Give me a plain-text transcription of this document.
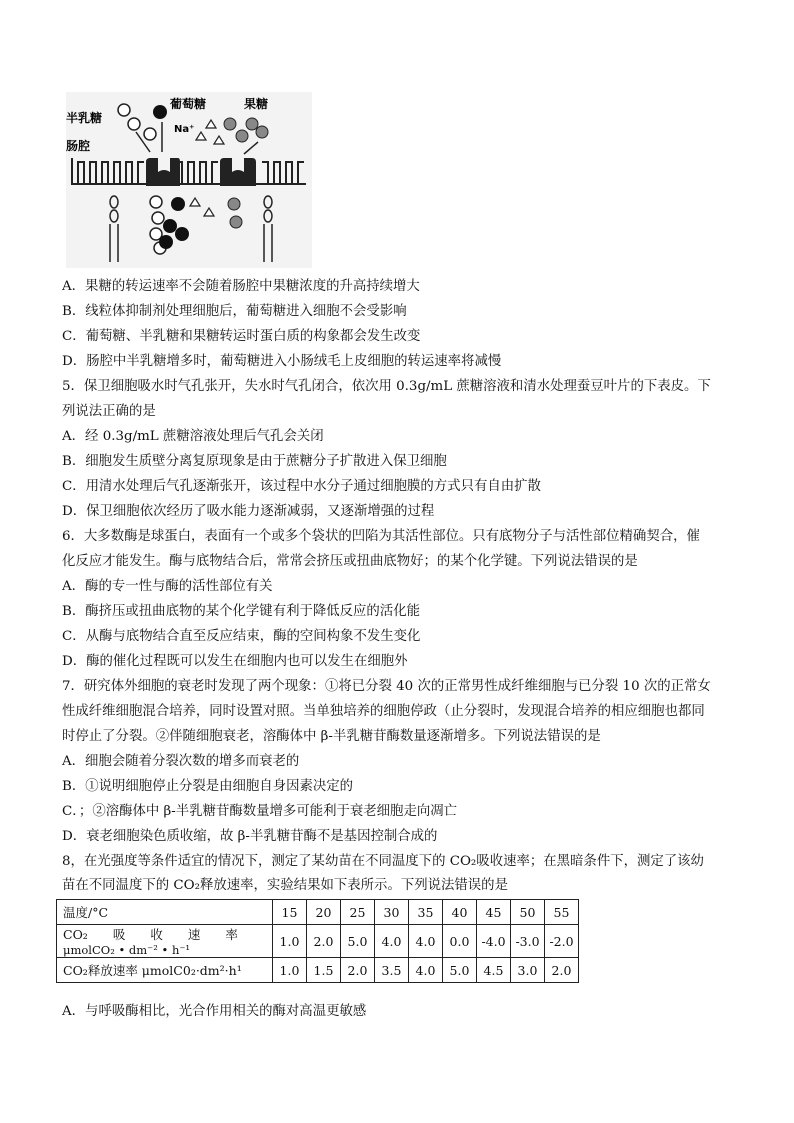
半乳糖
葡萄糖	果糖
Na⁺
肠腔
A．果糖的转运速率不会随着肠腔中果糖浓度的升高持续增大
B．线粒体抑制剂处理细胞后，葡萄糖进入细胞不会受影响
C．葡萄糖、半乳糖和果糖转运时蛋白质的构象都会发生改变
D．肠腔中半乳糖增多时，葡萄糖进入小肠绒毛上皮细胞的转运速率将减慢
5．保卫细胞吸水时气孔张开，失水时气孔闭合，依次用 0.3g/mL 蔗糖溶液和清水处理蚕豆叶片的下表皮。下
列说法正确的是
A．经 0.3g/mL 蔗糖溶液处理后气孔会关闭
B．细胞发生质壁分离复原现象是由于蔗糖分子扩散进入保卫细胞
C．用清水处理后气孔逐渐张开，该过程中水分子通过细胞膜的方式只有自由扩散
D．保卫细胞依次经历了吸水能力逐渐减弱，又逐渐增强的过程
6．大多数酶是球蛋白，表面有一个或多个袋状的凹陷为其活性部位。只有底物分子与活性部位精确契合，催
化反应才能发生。酶与底物结合后，常常会挤压或扭曲底物好；的某个化学键。下列说法错误的是
A．酶的专一性与酶的活性部位有关
B．酶挤压或扭曲底物的某个化学键有利于降低反应的活化能
C．从酶与底物结合直至反应结束，酶的空间构象不发生变化
D．酶的催化过程既可以发生在细胞内也可以发生在细胞外
7．研究体外细胞的衰老时发现了两个现象：①将已分裂 40 次的正常男性成纤维细胞与已分裂 10 次的正常女
性成纤维细胞混合培养，同时设置对照。当单独培养的细胞停政（止分裂时，发现混合培养的相应细胞也都同
时停止了分裂。②伴随细胞衰老，溶酶体中 β-半乳糖苷酶数量逐渐增多。下列说法错误的是
A．细胞会随着分裂次数的增多而衰老的
B．①说明细胞停止分裂是由细胞自身因素决定的
C．；②溶酶体中 β-半乳糖苷酶数量增多可能利于衰老细胞走向凋亡
D．衰老细胞染色质收缩，故 β-半乳糖苷酶不是基因控制合成的
8，在光强度等条件适宜的情况下，测定了某幼苗在不同温度下的 CO₂吸收速率；在黑暗条件下，测定了该幼
苗在不同温度下的 CO₂释放速率，实验结果如下表所示。下列说法错误的是
温度/°C	15	20	25	30	35	40	45	50	55
CO₂　　吸　　收　　速　　率
μmolCO₂ • dm⁻² • h⁻¹	1.0	2.0	5.0	4.0	4.0	0.0	-4.0	-3.0	-2.0
CO₂释放速率 μmolC0₂·dm²·h¹	1.0	1.5	2.0	3.5	4.0	5.0	4.5	3.0	2.0
A．与呼吸酶相比，光合作用相关的酶对高温更敏感
